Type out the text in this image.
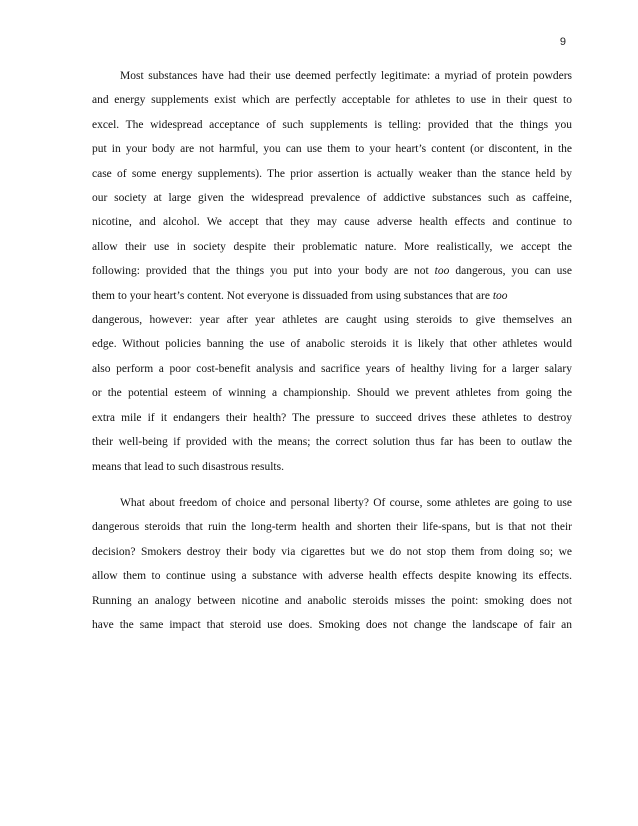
9
Most substances have had their use deemed perfectly legitimate: a myriad of protein powders
and energy supplements exist which are perfectly acceptable for athletes to use in their quest to
excel. The widespread acceptance of such supplements is telling: provided that the things you
put in your body are not harmful, you can use them to your heart’s content (or discontent, in the
case of some energy supplements). The prior assertion is actually weaker than the stance held by
our society at large given the widespread prevalence of addictive substances such as caffeine,
nicotine, and alcohol. We accept that they may cause adverse health effects and continue to
allow their use in society despite their problematic nature. More realistically, we accept the
following: provided that the things you put into your body are not too dangerous, you can use
them to your heart’s content. Not everyone is dissuaded from using substances that are too
dangerous, however: year after year athletes are caught using steroids to give themselves an
edge. Without policies banning the use of anabolic steroids it is likely that other athletes would
also perform a poor cost-benefit analysis and sacrifice years of healthy living for a larger salary
or the potential esteem of winning a championship. Should we prevent athletes from going the
extra mile if it endangers their health? The pressure to succeed drives these athletes to destroy
their well-being if provided with the means; the correct solution thus far has been to outlaw the
means that lead to such disastrous results.
What about freedom of choice and personal liberty? Of course, some athletes are going to use
dangerous steroids that ruin the long-term health and shorten their life-spans, but is that not their
decision? Smokers destroy their body via cigarettes but we do not stop them from doing so; we
allow them to continue using a substance with adverse health effects despite knowing its effects.
Running an analogy between nicotine and anabolic steroids misses the point: smoking does not
have the same impact that steroid use does. Smoking does not change the landscape of fair an
